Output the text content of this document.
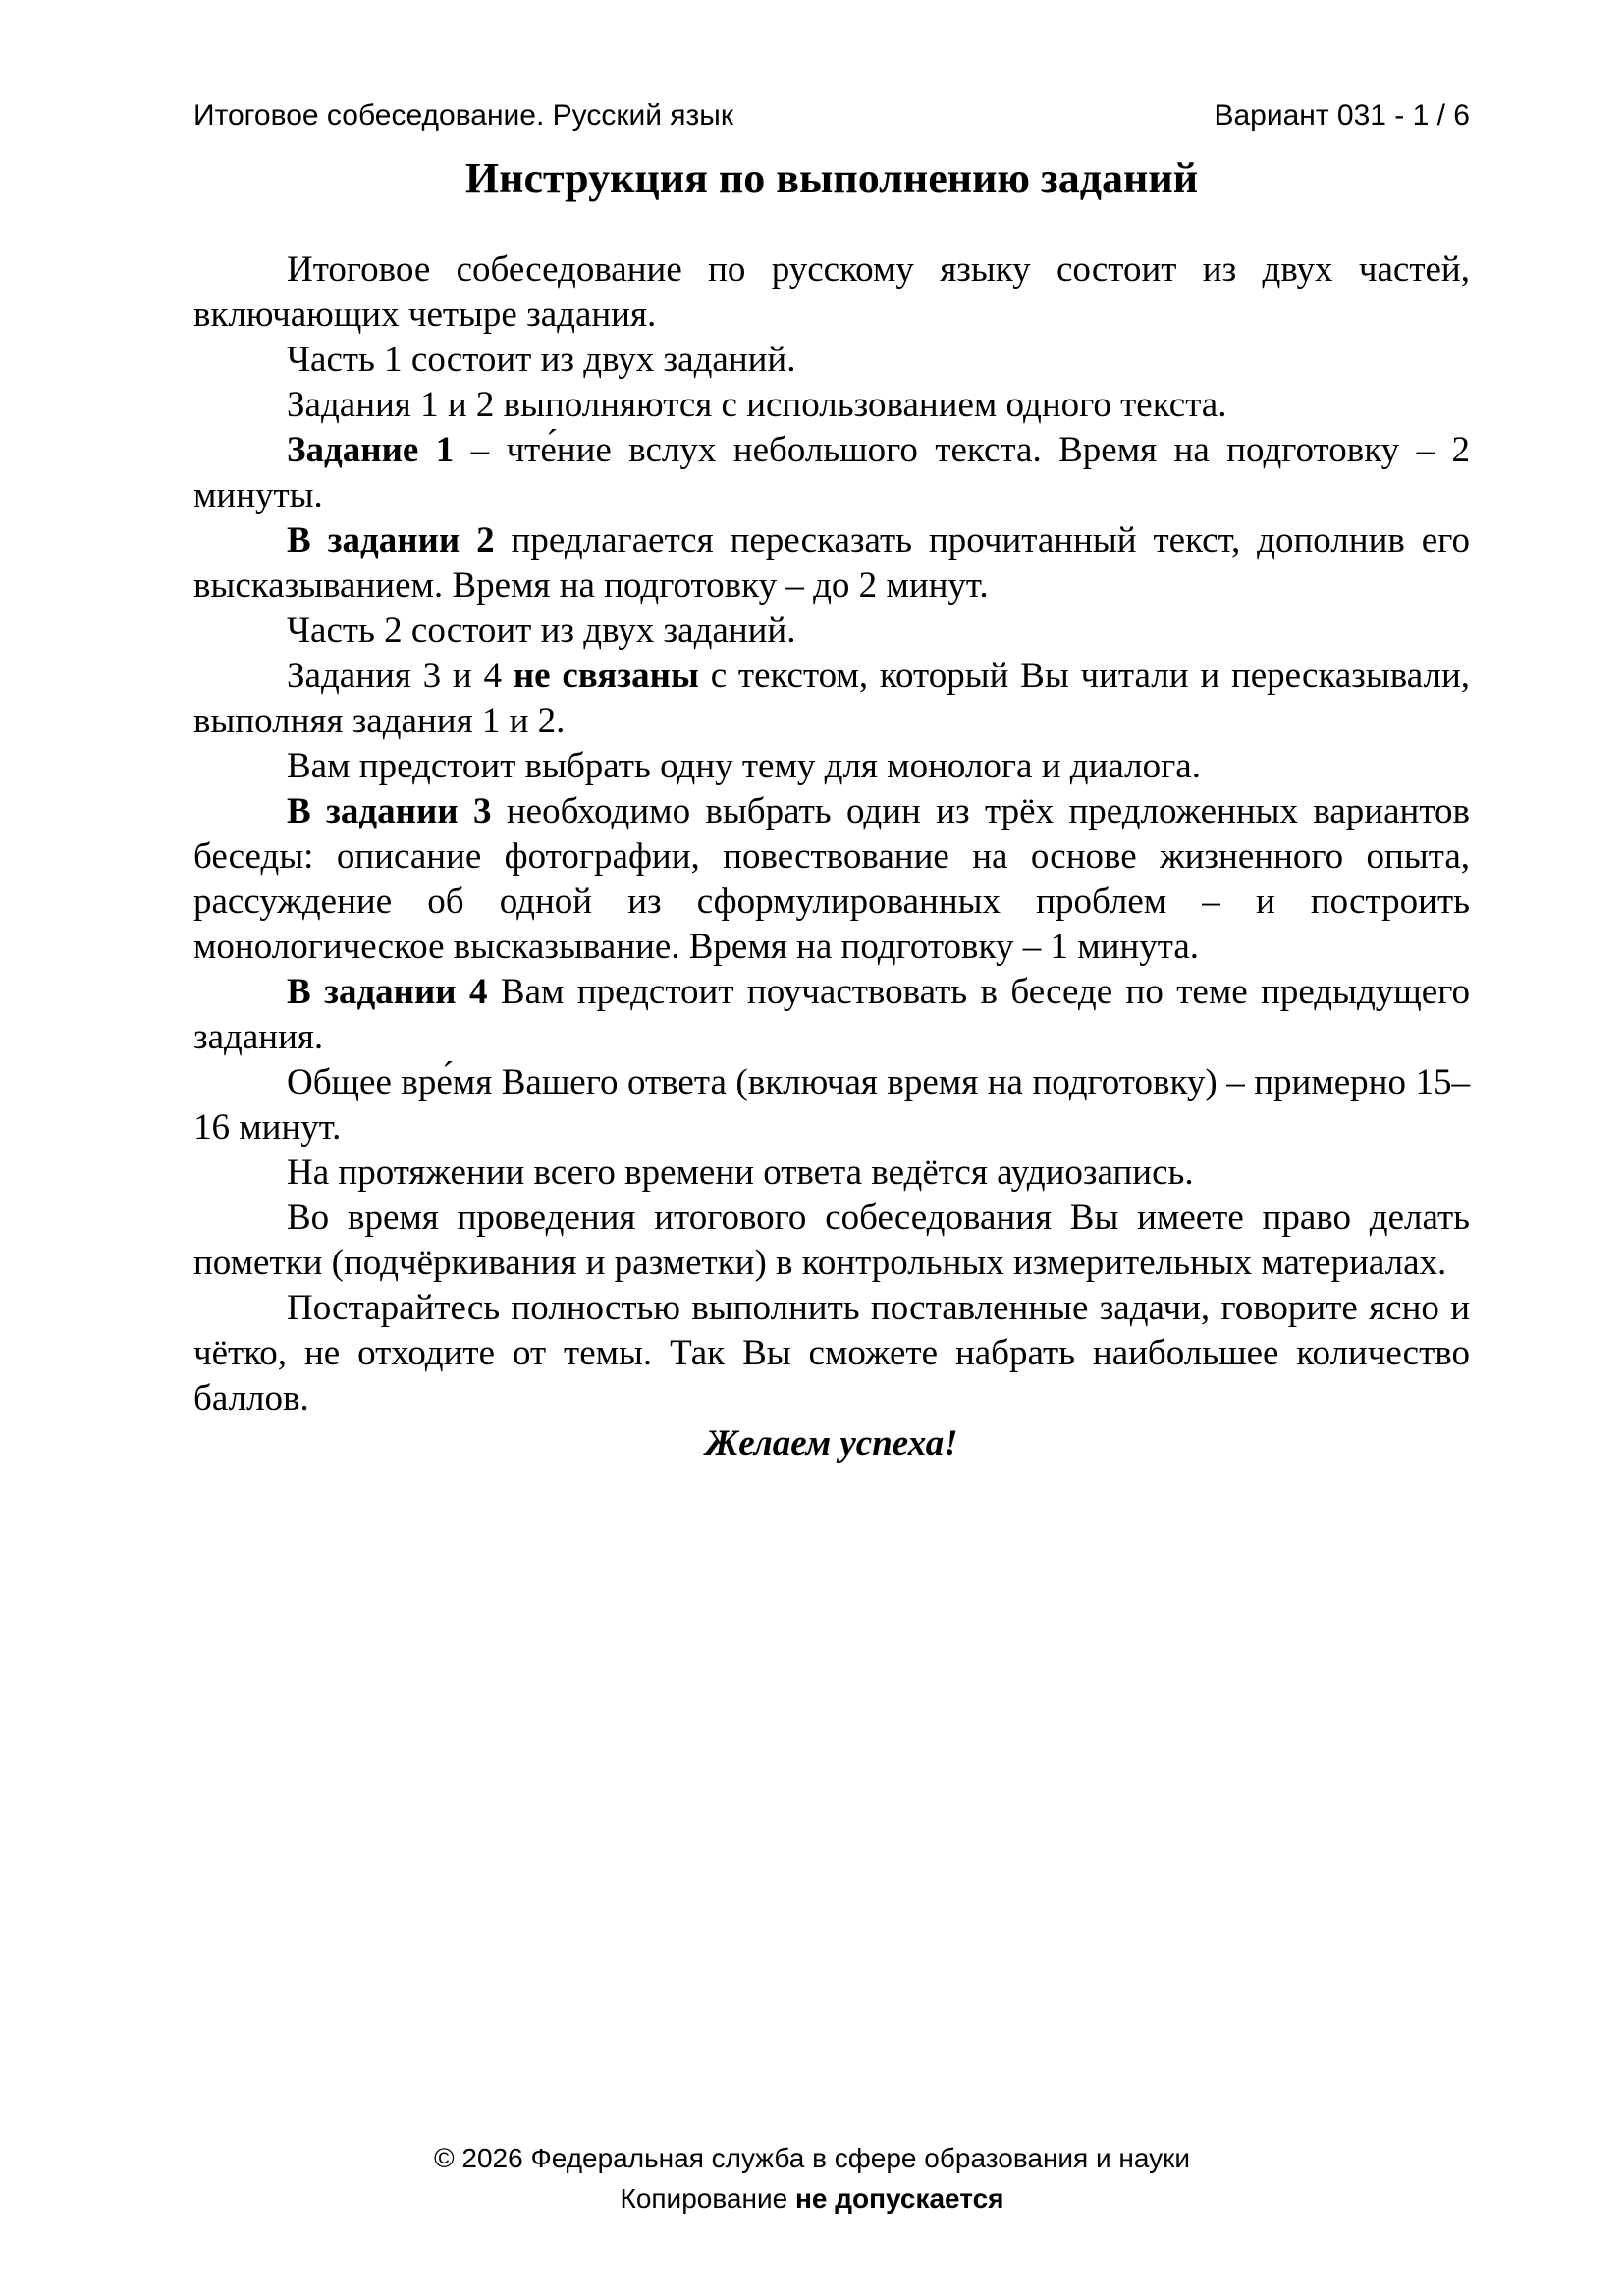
Итоговое собеседование. Русский язык	Вариант 031 - 1 / 6
Инструкция по выполнению заданий

Итоговое собеседование по русскому языку состоит из двух частей, включающих четыре задания.

Часть 1 состоит из двух заданий.

Задания 1 и 2 выполняются с использованием одного текста.

Задание 1 – чте́ние вслух небольшого текста. Время на подготовку – 2 минуты.

В задании 2 предлагается пересказать прочитанный текст, дополнив его высказыванием. Время на подготовку – до 2 минут.

Часть 2 состоит из двух заданий.

Задания 3 и 4 не связаны с текстом, который Вы читали и пересказывали, выполняя задания 1 и 2.

Вам предстоит выбрать одну тему для монолога и диалога.

В задании 3 необходимо выбрать один из трёх предложенных вариантов беседы: описание фотографии, повествование на основе жизненного опыта, рассуждение об одной из сформулированных проблем – и построить монологическое высказывание. Время на подготовку – 1 минута.

В задании 4 Вам предстоит поучаствовать в беседе по теме предыдущего задания.

Общее вре́мя Вашего ответа (включая время на подготовку) – примерно 15–16 минут.

На протяжении всего времени ответа ведётся аудиозапись.

Во время проведения итогового собеседования Вы имеете право делать пометки (подчёркивания и разметки) в контрольных измерительных материалах.

Постарайтесь полностью выполнить поставленные задачи, говорите ясно и чётко, не отходите от темы. Так Вы сможете набрать наибольшее количество баллов.

Желаем успеха!

© 2026 Федеральная служба в сфере образования и науки
Копирование не допускается
